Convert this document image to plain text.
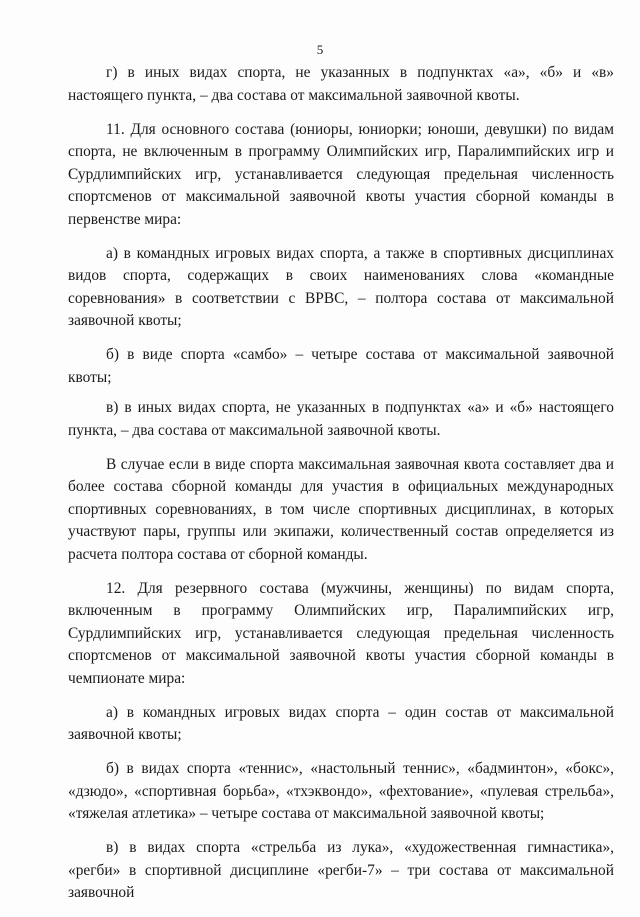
5

г) в иных видах спорта, не указанных в подпунктах «а», «б» и «в» настоящего пункта, – два состава от максимальной заявочной квоты.

11. Для основного состава (юниоры, юниорки; юноши, девушки) по видам спорта, не включенным в программу Олимпийских игр, Паралимпийских игр и Сурдлимпийских игр, устанавливается следующая предельная численность спортсменов от максимальной заявочной квоты участия сборной команды в первенстве мира:

а) в командных игровых видах спорта, а также в спортивных дисциплинах видов спорта, содержащих в своих наименованиях слова «командные соревнования» в соответствии с ВРВС, – полтора состава от максимальной заявочной квоты;

б) в виде спорта «самбо» – четыре состава от максимальной заявочной квоты;

в) в иных видах спорта, не указанных в подпунктах «а» и «б» настоящего пункта, – два состава от максимальной заявочной квоты.

В случае если в виде спорта максимальная заявочная квота составляет два и более состава сборной команды для участия в официальных международных спортивных соревнованиях, в том числе спортивных дисциплинах, в которых участвуют пары, группы или экипажи, количественный состав определяется из расчета полтора состава от сборной команды.

12. Для резервного состава (мужчины, женщины) по видам спорта, включенным в программу Олимпийских игр, Паралимпийских игр, Сурдлимпийских игр, устанавливается следующая предельная численность спортсменов от максимальной заявочной квоты участия сборной команды в чемпионате мира:

а) в командных игровых видах спорта – один состав от максимальной заявочной квоты;

б) в видах спорта «теннис», «настольный теннис», «бадминтон», «бокс», «дзюдо», «спортивная борьба», «тхэквондо», «фехтование», «пулевая стрельба», «тяжелая атлетика» – четыре состава от максимальной заявочной квоты;

в) в видах спорта «стрельба из лука», «художественная гимнастика», «регби» в спортивной дисциплине «регби-7» – три состава от максимальной заявочной
